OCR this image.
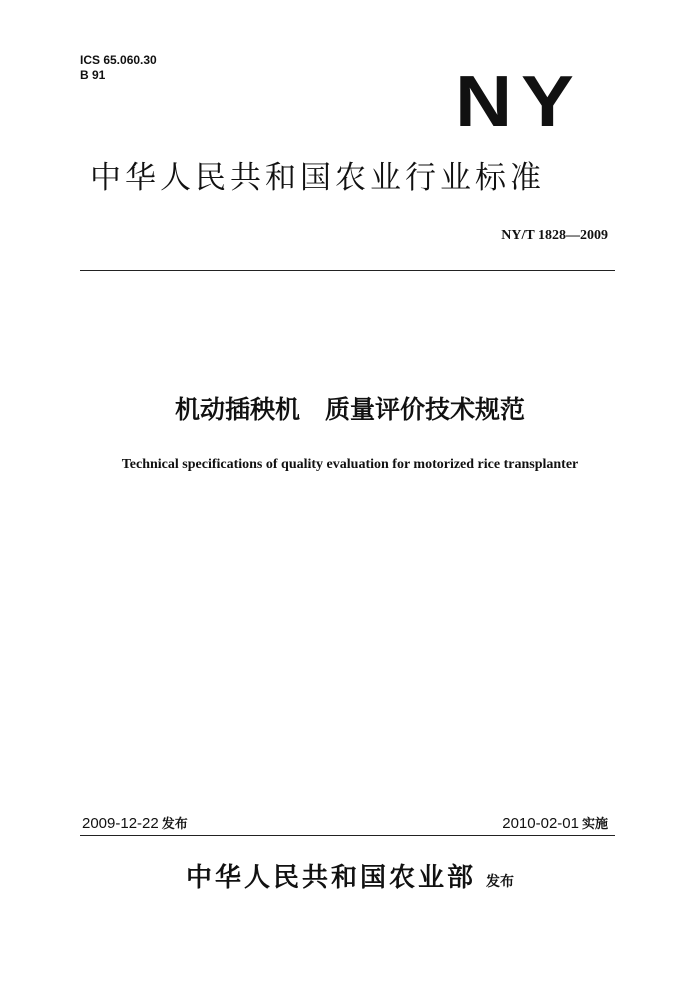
ICS 65.060.30
B 91	NY
中华人民共和国农业行业标准
NY/T 1828—2009
机动插秧机　质量评价技术规范
Technical specifications of quality evaluation for motorized rice transplanter
2009-12-22 发布	2010-02-01 实施
中华人民共和国农业部 发布
